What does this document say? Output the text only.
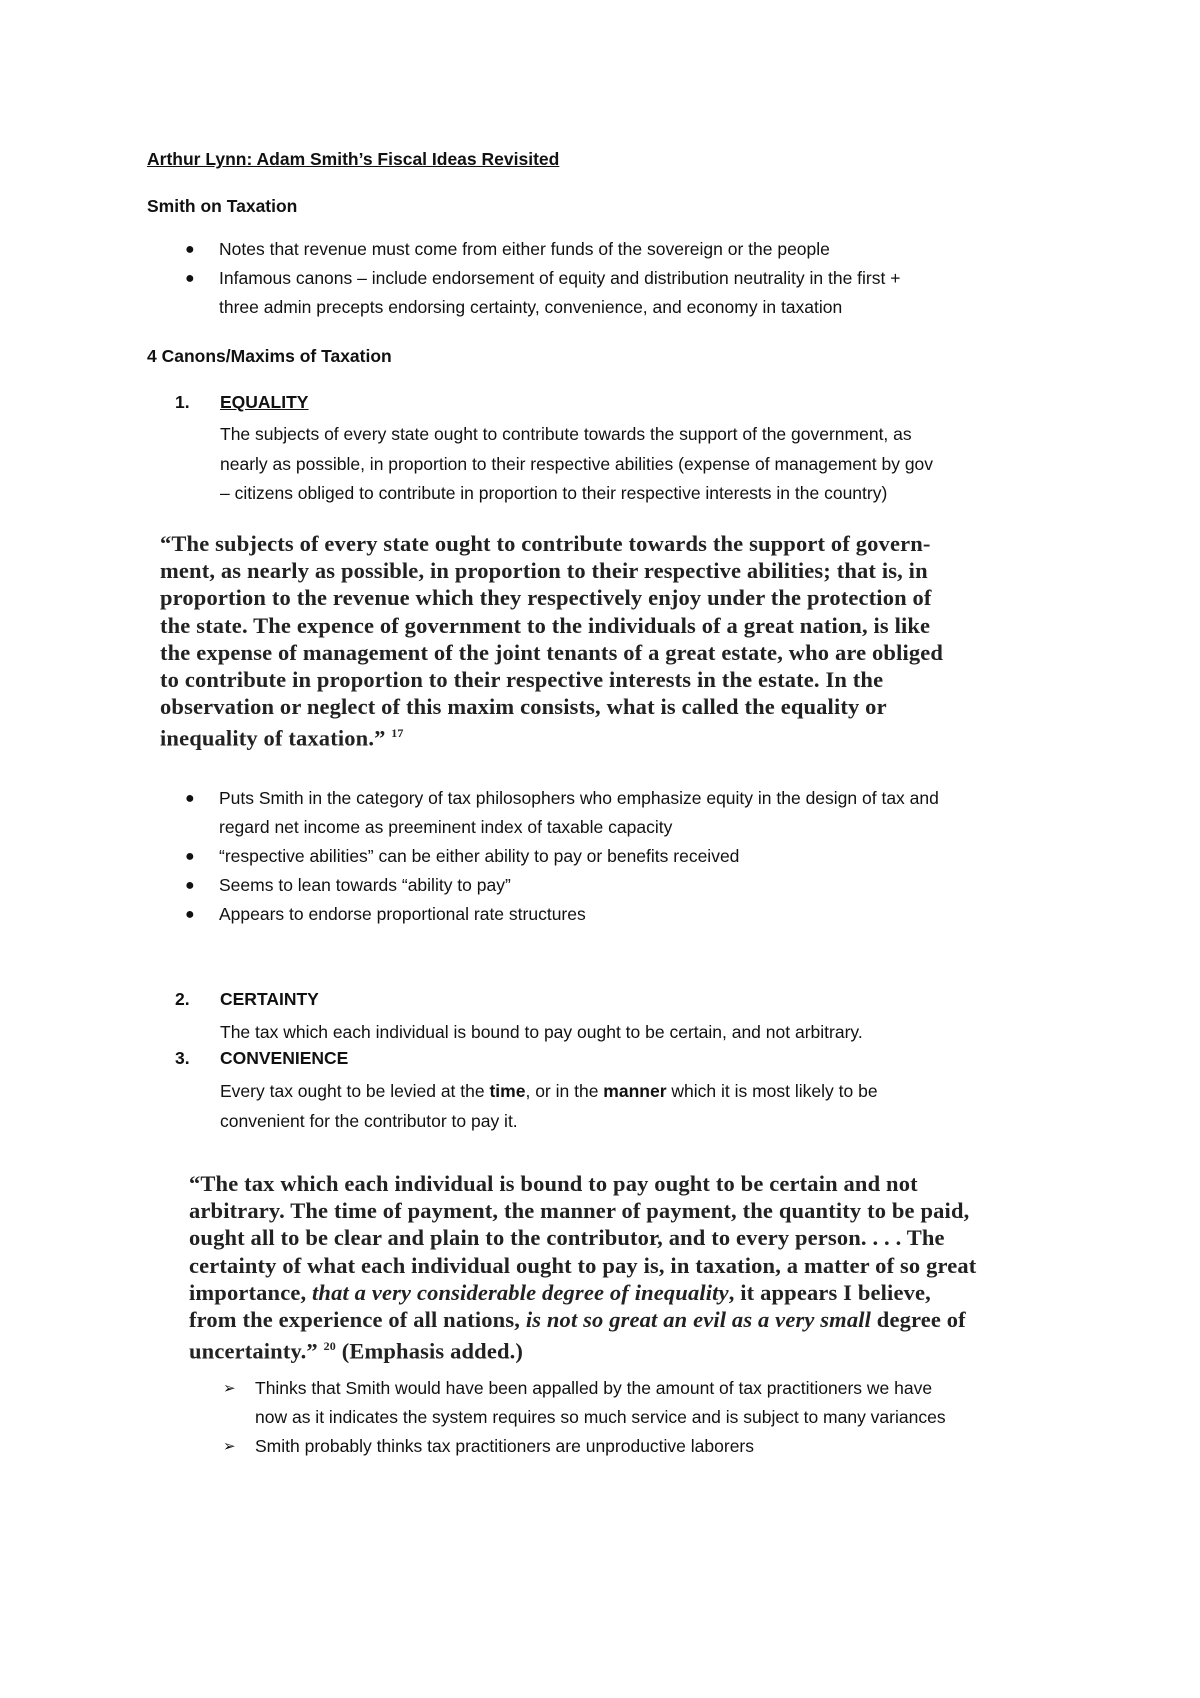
Arthur Lynn: Adam Smith’s Fiscal Ideas Revisited
Smith on Taxation
● Notes that revenue must come from either funds of the sovereign or the people
● Infamous canons – include endorsement of equity and distribution neutrality in the first +
three admin precepts endorsing certainty, convenience, and economy in taxation
4 Canons/Maxims of Taxation
1. EQUALITY
The subjects of every state ought to contribute towards the support of the government, as
nearly as possible, in proportion to their respective abilities (expense of management by gov
– citizens obliged to contribute in proportion to their respective interests in the country)
“The subjects of every state ought to contribute towards the support of govern-
ment, as nearly as possible, in proportion to their respective abilities; that is, in
proportion to the revenue which they respectively enjoy under the protection of
the state. The expence of government to the individuals of a great nation, is like
the expense of management of the joint tenants of a great estate, who are obliged
to contribute in proportion to their respective interests in the estate. In the
observation or neglect of this maxim consists, what is called the equality or
inequality of taxation.” $^{17}$
● Puts Smith in the category of tax philosophers who emphasize equity in the design of tax and
regard net income as preeminent index of taxable capacity
● “respective abilities” can be either ability to pay or benefits received
● Seems to lean towards “ability to pay”
● Appears to endorse proportional rate structures
2. CERTAINTY
The tax which each individual is bound to pay ought to be certain, and not arbitrary.
3. CONVENIENCE
Every tax ought to be levied at the time, or in the manner which it is most likely to be
convenient for the contributor to pay it.
“The tax which each individual is bound to pay ought to be certain and not
arbitrary. The time of payment, the manner of payment, the quantity to be paid,
ought all to be clear and plain to the contributor, and to every person. . . . The
certainty of what each individual ought to pay is, in taxation, a matter of so great
importance, that a very considerable degree of inequality, it appears I believe,
from the experience of all nations, is not so great an evil as a very small degree of
uncertainty.” $^{20}$ (Emphasis added.)
➢ Thinks that Smith would have been appalled by the amount of tax practitioners we have
now as it indicates the system requires so much service and is subject to many variances
➢ Smith probably thinks tax practitioners are unproductive laborers
